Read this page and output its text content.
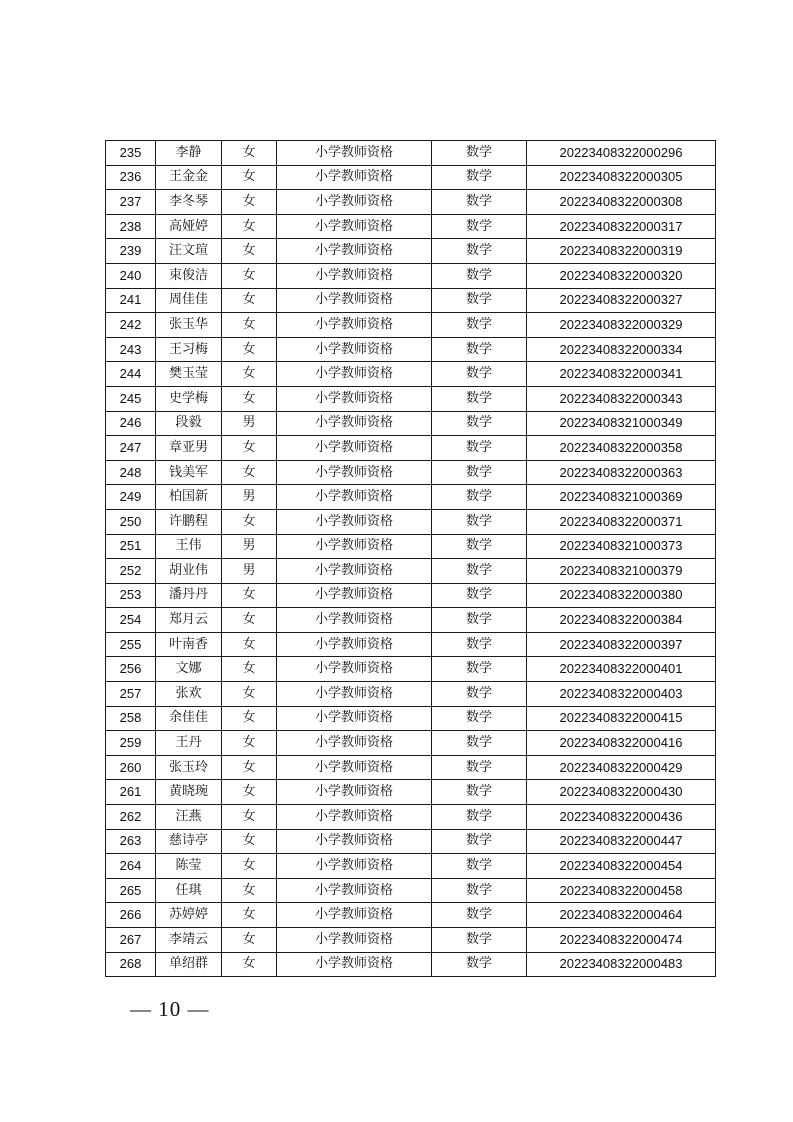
235	李静	女	小学教师资格	数学	20223408322000296
236	王金金	女	小学教师资格	数学	20223408322000305
237	李冬琴	女	小学教师资格	数学	20223408322000308
238	高娅婷	女	小学教师资格	数学	20223408322000317
239	汪文瑄	女	小学教师资格	数学	20223408322000319
240	束俊洁	女	小学教师资格	数学	20223408322000320
241	周佳佳	女	小学教师资格	数学	20223408322000327
242	张玉华	女	小学教师资格	数学	20223408322000329
243	王习梅	女	小学教师资格	数学	20223408322000334
244	樊玉莹	女	小学教师资格	数学	20223408322000341
245	史学梅	女	小学教师资格	数学	20223408322000343
246	段毅	男	小学教师资格	数学	20223408321000349
247	章亚男	女	小学教师资格	数学	20223408322000358
248	钱美军	女	小学教师资格	数学	20223408322000363
249	柏国新	男	小学教师资格	数学	20223408321000369
250	许鹏程	女	小学教师资格	数学	20223408322000371
251	王伟	男	小学教师资格	数学	20223408321000373
252	胡业伟	男	小学教师资格	数学	20223408321000379
253	潘丹丹	女	小学教师资格	数学	20223408322000380
254	郑月云	女	小学教师资格	数学	20223408322000384
255	叶南香	女	小学教师资格	数学	20223408322000397
256	文娜	女	小学教师资格	数学	20223408322000401
257	张欢	女	小学教师资格	数学	20223408322000403
258	余佳佳	女	小学教师资格	数学	20223408322000415
259	王丹	女	小学教师资格	数学	20223408322000416
260	张玉玲	女	小学教师资格	数学	20223408322000429
261	黄晓琬	女	小学教师资格	数学	20223408322000430
262	汪燕	女	小学教师资格	数学	20223408322000436
263	慈诗亭	女	小学教师资格	数学	20223408322000447
264	陈莹	女	小学教师资格	数学	20223408322000454
265	任琪	女	小学教师资格	数学	20223408322000458
266	苏婷婷	女	小学教师资格	数学	20223408322000464
267	李靖云	女	小学教师资格	数学	20223408322000474
268	单绍群	女	小学教师资格	数学	20223408322000483
— 10 —
